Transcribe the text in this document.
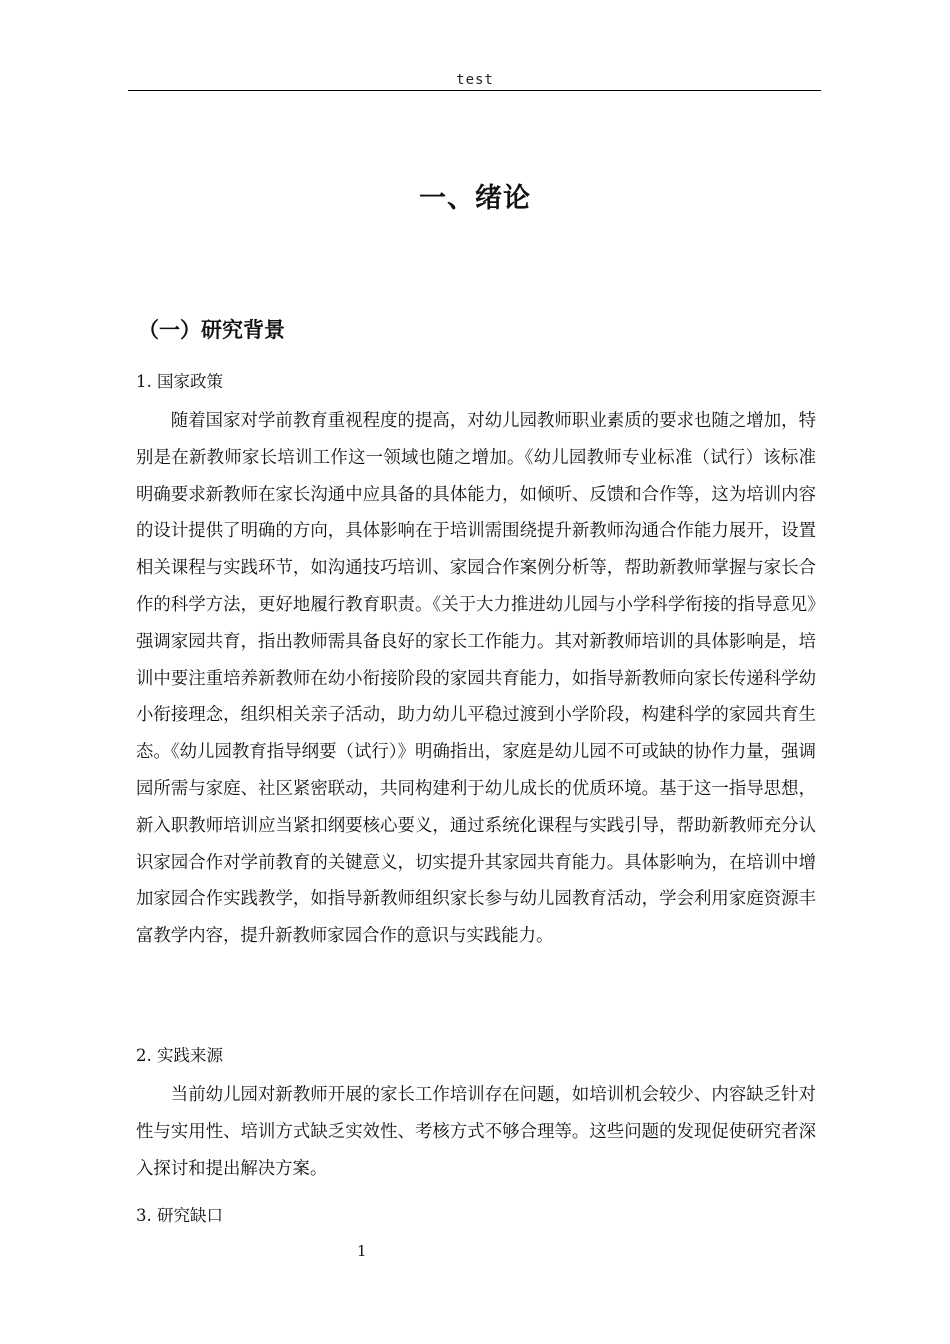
test
一、绪论
（一）研究背景
1. 国家政策

随着国家对学前教育重视程度的提高，对幼儿园教师职业素质的要求也随之增加，特别是在新教师家长培训工作这一领域也随之增加。《幼儿园教师专业标准（试行）该标准明确要求新教师在家长沟通中应具备的具体能力，如倾听、反馈和合作等，这为培训内容的设计提供了明确的方向，具体影响在于培训需围绕提升新教师沟通合作能力展开，设置相关课程与实践环节，如沟通技巧培训、家园合作案例分析等，帮助新教师掌握与家长合作的科学方法，更好地履行教育职责。《关于大力推进幼儿园与小学科学衔接的指导意见》强调家园共育，指出教师需具备良好的家长工作能力。其对新教师培训的具体影响是，培训中要注重培养新教师在幼小衔接阶段的家园共育能力，如指导新教师向家长传递科学幼小衔接理念，组织相关亲子活动，助力幼儿平稳过渡到小学阶段，构建科学的家园共育生态。《幼儿园教育指导纲要（试行）》明确指出，家庭是幼儿园不可或缺的协作力量，强调园所需与家庭、社区紧密联动，共同构建利于幼儿成长的优质环境。基于这一指导思想，新入职教师培训应当紧扣纲要核心要义，通过系统化课程与实践引导，帮助新教师充分认识家园合作对学前教育的关键意义，切实提升其家园共育能力。具体影响为，在培训中增加家园合作实践教学，如指导新教师组织家长参与幼儿园教育活动，学会利用家庭资源丰富教学内容，提升新教师家园合作的意识与实践能力。

2. 实践来源

当前幼儿园对新教师开展的家长工作培训存在问题，如培训机会较少、内容缺乏针对性与实用性、培训方式缺乏实效性、考核方式不够合理等。这些问题的发现促使研究者深入探讨和提出解决方案。

3. 研究缺口
1
